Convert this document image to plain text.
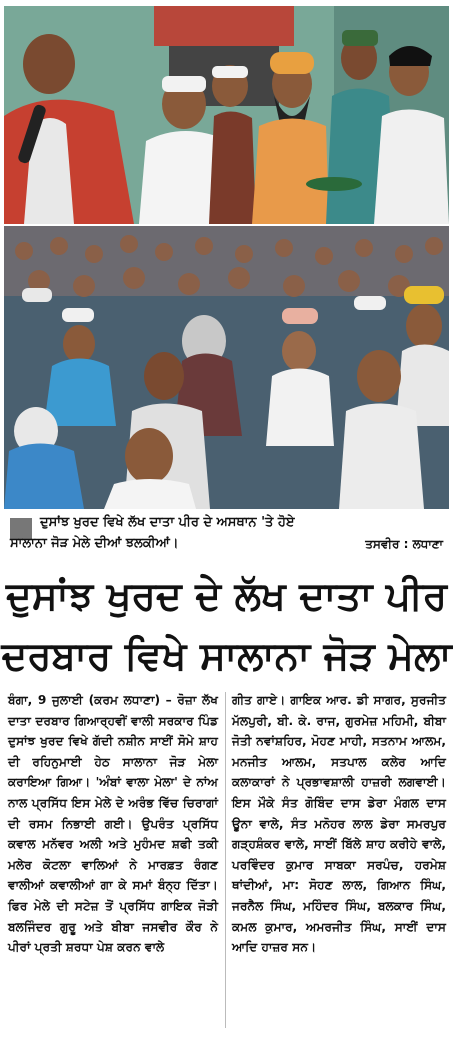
ਦੁਸਾਂਝ ਖੁਰਦ ਵਿਖੇ ਲੱਖ ਦਾਤਾ ਪੀਰ ਦੇ ਅਸਥਾਨ 'ਤੇ ਹੋਏ
ਸਾਲਾਨਾ ਜੋੜ ਮੇਲੇ ਦੀਆਂ ਝਲਕੀਆਂ।	ਤਸਵੀਰ : ਲਧਾਣਾ
ਦੁਸਾਂਝ ਖੁਰਦ ਦੇ ਲੱਖ ਦਾਤਾ ਪੀਰ
ਦਰਬਾਰ ਵਿਖੇ ਸਾਲਾਨਾ ਜੋੜ ਮੇਲਾ
ਬੰਗਾ, 9 ਜੁਲਾਈ (ਕਰਮ ਲਧਾਣਾ) – ਰੋਜ਼ਾ ਲੱਖ ਦਾਤਾ ਦਰਬਾਰ ਗਿਆਰ੍ਹਵੀਂ ਵਾਲੀ ਸਰਕਾਰ ਪਿੰਡ ਦੁਸਾਂਝ ਖੁਰਦ ਵਿਖੇ ਗੱਦੀ ਨਸ਼ੀਨ ਸਾਈਂ ਸੋਮੇ ਸ਼ਾਹ ਦੀ ਰਹਿਨੁਮਾਈ ਹੇਠ ਸਾਲਾਨਾ ਜੋੜ ਮੇਲਾ ਕਰਾਇਆ ਗਿਆ। 'ਅੰਬਾਂ ਵਾਲਾ ਮੇਲਾ' ਦੇ ਨਾਂਅ ਨਾਲ ਪ੍ਰਸਿੱਧ ਇਸ ਮੇਲੇ ਦੇ ਅਰੰਭ ਵਿੱਚ ਚਿਰਾਗਾਂ ਦੀ ਰਸਮ ਨਿਭਾਈ ਗਈ। ਉਪਰੰਤ ਪ੍ਰਸਿੱਧ ਕਵਾਲ ਮਨੱਵਰ ਅਲੀ ਅਤੇ ਮੁਹੰਮਦ ਸ਼ਫੀ ਤਕੀ ਮਲੇਰ ਕੋਟਲਾ ਵਾਲਿਆਂ ਨੇ ਮਾਰਫ਼ਤ ਰੰਗਣ ਵਾਲੀਆਂ ਕਵਾਲੀਆਂ ਗਾ ਕੇ ਸਮਾਂ ਬੰਨ੍ਹ ਦਿੱਤਾ। ਫਿਰ ਮੇਲੇ ਦੀ ਸਟੇਜ਼ ਤੋਂ ਪ੍ਰਸਿੱਧ ਗਾਇਕ ਜੋੜੀ ਬਲਜਿੰਦਰ ਗੁਰੂ ਅਤੇ ਬੀਬਾ ਜਸਵੀਰ ਕੌਰ ਨੇ ਪੀਰਾਂ ਪ੍ਰਤੀ ਸ਼ਰਧਾ ਪੇਸ਼ ਕਰਨ ਵਾਲੇ
ਗੀਤ ਗਾਏ। ਗਾਇਕ ਆਰ. ਡੀ ਸਾਗਰ, ਸੁਰਜੀਤ ਮੱਲਪੁਰੀ, ਬੀ. ਕੇ. ਰਾਜ, ਗੁਰਮੇਜ਼ ਮਹਿਮੀ, ਬੀਬਾ ਜੋਤੀ ਨਵਾਂਸ਼ਹਿਰ, ਮੋਹਣ ਮਾਹੀ, ਸਤਨਾਮ ਆਲਮ, ਮਨਜੀਤ ਆਲਮ, ਸਤਪਾਲ ਕਲੇਰ ਆਦਿ ਕਲਾਕਾਰਾਂ ਨੇ ਪ੍ਰਭਾਵਸ਼ਾਲੀ ਹਾਜ਼ਰੀ ਲਗਵਾਈ। ਇਸ ਮੌਕੇ ਸੰਤ ਗੋਬਿੰਦ ਦਾਸ ਡੇਰਾ ਮੰਗਲ ਦਾਸ ਊਨਾ ਵਾਲੇ, ਸੰਤ ਮਨੋਹਰ ਲਾਲ ਡੇਰਾ ਸਮਰਪੁਰ ਗੜ੍ਹਸ਼ੰਕਰ ਵਾਲੇ, ਸਾਈਂ ਬਿੱਲੇ ਸ਼ਾਹ ਕਰੀਹੇ ਵਾਲੇ, ਪਰਵਿੰਦਰ ਕੁਮਾਰ ਸਾਬਕਾ ਸਰਪੰਚ, ਹਰਮੇਸ਼ ਥਾਂਦੀਆਂ, ਮਾ: ਸੋਹਣ ਲਾਲ, ਗਿਆਨ ਸਿੰਘ, ਜਰਨੈਲ ਸਿੰਘ, ਮਹਿੰਦਰ ਸਿੰਘ, ਬਲਕਾਰ ਸਿੰਘ, ਕਮਲ ਕੁਮਾਰ, ਅਮਰਜੀਤ ਸਿੰਘ, ਸਾਈਂ ਦਾਸ ਆਦਿ ਹਾਜ਼ਰ ਸਨ।
